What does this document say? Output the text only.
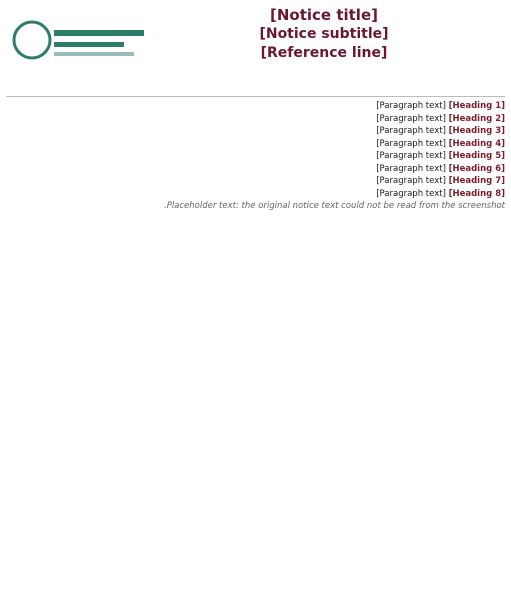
[Notice title]
[Notice subtitle]
[Reference line]

[Heading 1] [Paragraph text]

[Heading 2] [Paragraph text]

[Heading 3] [Paragraph text]

[Heading 4] [Paragraph text]

[Heading 5] [Paragraph text]

[Heading 6] [Paragraph text]

[Heading 7] [Paragraph text]

[Heading 8] [Paragraph text]

Placeholder text: the original notice text could not be read from the screenshot.
